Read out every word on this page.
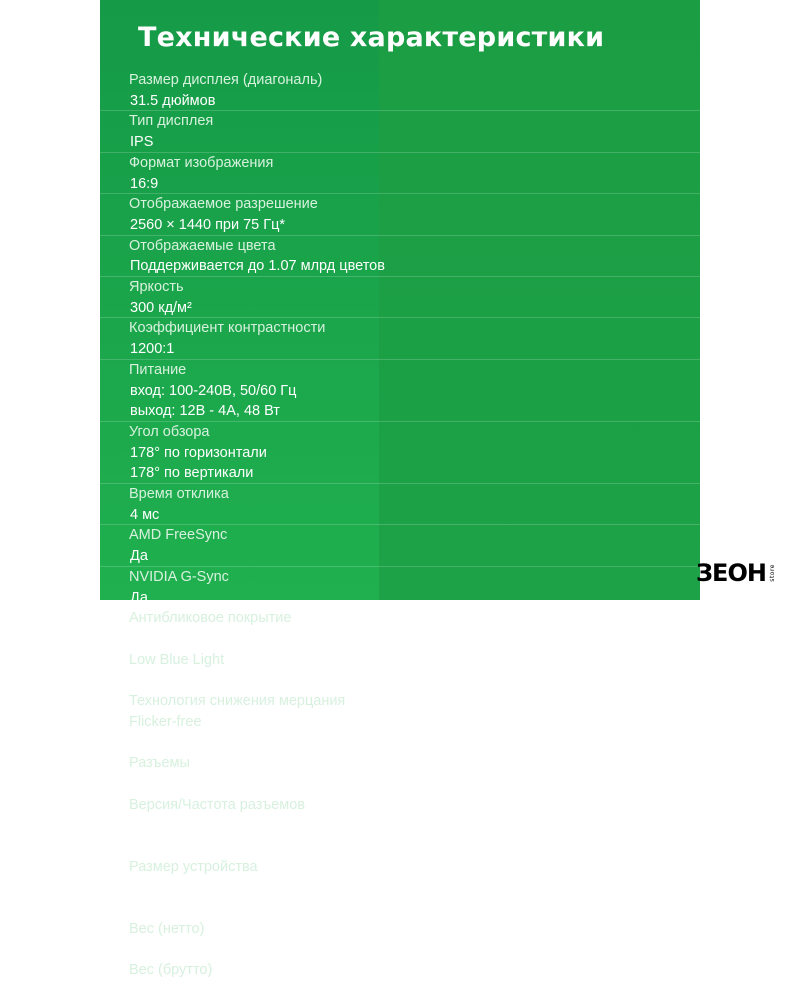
Технические характеристики
Размер дисплея (диагональ)
31.5 дюймов
Тип дисплея
IPS
Формат изображения
16:9
Отображаемое разрешение
2560 × 1440 при 75 Гц*
Отображаемые цвета
Поддерживается до 1.07 млрд цветов
Яркость
300 кд/м²
Коэффициент контрастности
1200:1
Питание
вход: 100-240В, 50/60 Гц
выход: 12В - 4А, 48 Вт
Угол обзора
178° по горизонтали
178° по вертикали
Время отклика
4 мс
AMD FreeSync
Да
NVIDIA G-Sync
Да
Антибликовое покрытие
Да
Low Blue Light
Да
Технология снижения мерцания
Flicker-free
Да
Разъемы
DC/HDMI x 2/DP/AUX
Версия/Частота разъемов
HDMI (2.1 TMDS/75 Гц)
DisplayPort (1.4/75 Гц)
Размер устройства
Без подставки: 715.1 x 422.8 x 49.3 мм
С подставкой: 715.1 x 523 x 184.6 мм
Вес (нетто)
6.0 кг
Вес (брутто)
7.6 кг
ЗЕОН store
